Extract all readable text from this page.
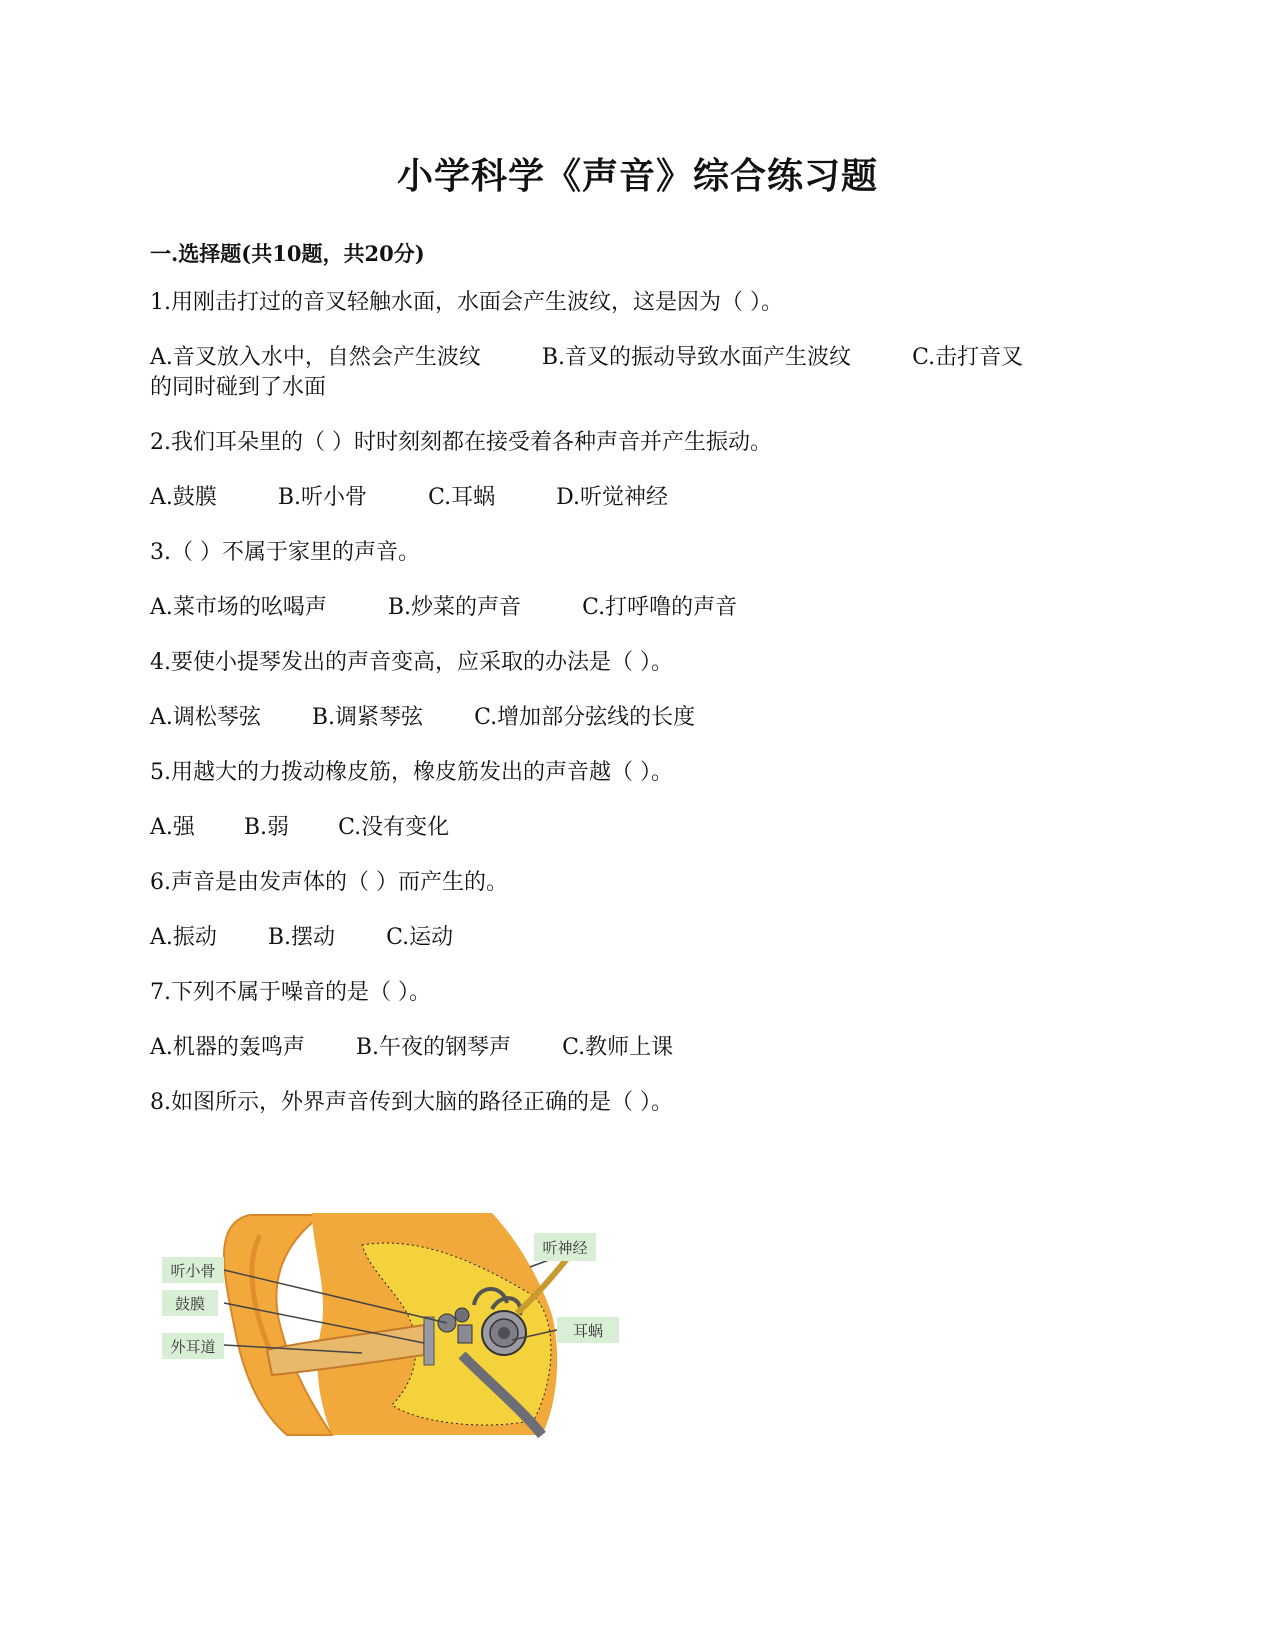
小学科学《声音》综合练习题
一.选择题(共10题，共20分)
1.用刚击打过的音叉轻触水面，水面会产生波纹，这是因为（ ）。
A.音叉放入水中，自然会产生波纹	B.音叉的振动导致水面产生波纹	C.击打音叉
的同时碰到了水面
2.我们耳朵里的（ ）时时刻刻都在接受着各种声音并产生振动。
A.鼓膜	B.听小骨	C.耳蜗	D.听觉神经
3.（ ）不属于家里的声音。
A.菜市场的吆喝声	B.炒菜的声音	C.打呼噜的声音
4.要使小提琴发出的声音变高，应采取的办法是（ ）。
A.调松琴弦 B.调紧琴弦 C.增加部分弦线的长度
5.用越大的力拨动橡皮筋，橡皮筋发出的声音越（ ）。
A.强 B.弱 C.没有变化
6.声音是由发声体的（ ）而产生的。
A.振动 B.摆动 C.运动
7.下列不属于噪音的是（ ）。
A.机器的轰鸣声 B.午夜的钢琴声 C.教师上课
8.如图所示，外界声音传到大脑的路径正确的是（ ）。
听神经
听小骨
鼓膜
外耳道
耳蜗
